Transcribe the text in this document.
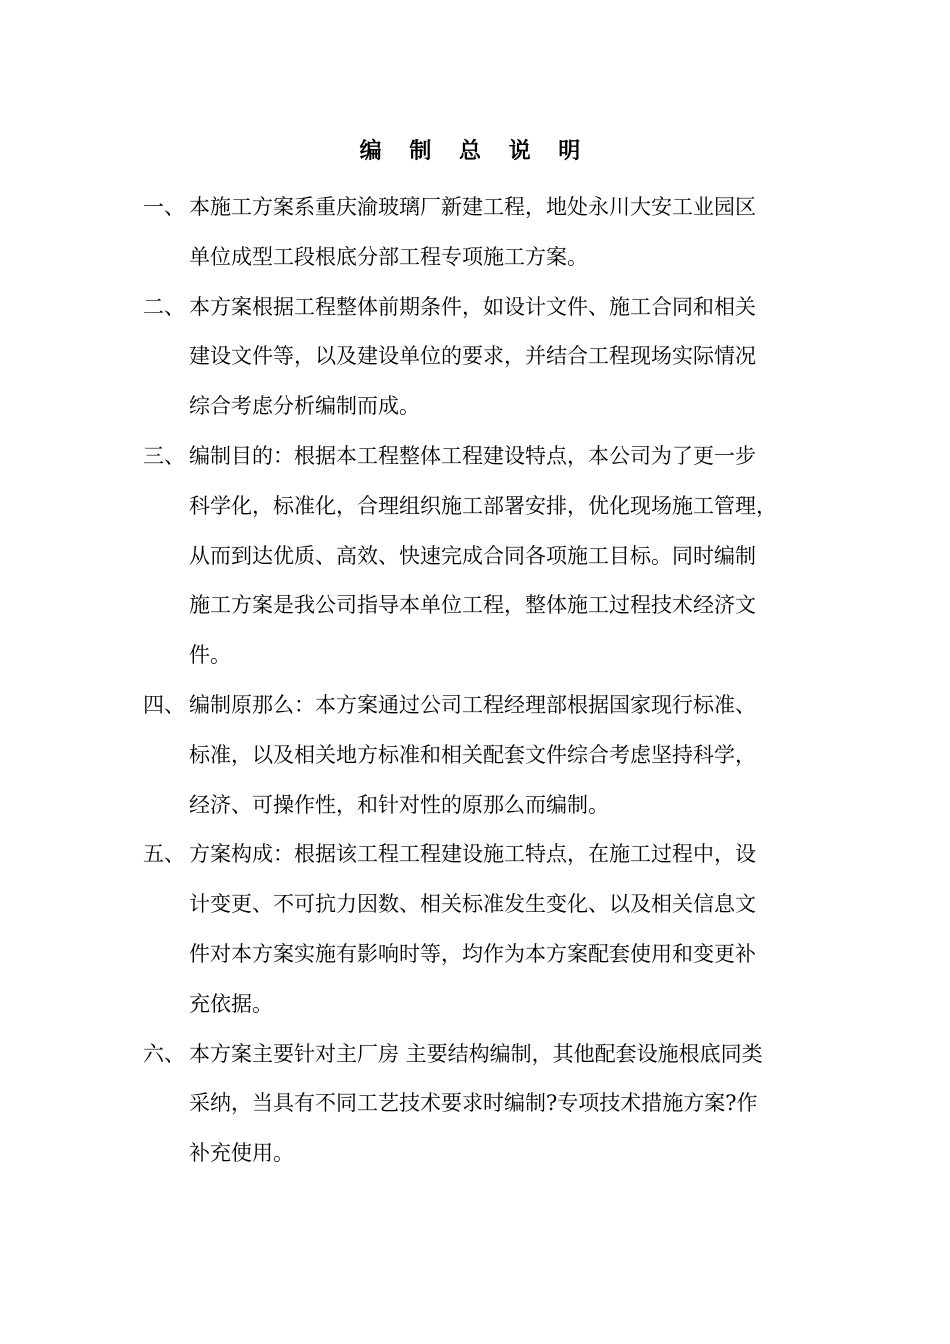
编 制 总 说 明
一、 本施工方案系重庆渝玻璃厂新建工程，地处永川大安工业园区
单位成型工段根底分部工程专项施工方案。
二、 本方案根据工程整体前期条件，如设计文件、施工合同和相关
建设文件等，以及建设单位的要求，并结合工程现场实际情况
综合考虑分析编制而成。
三、 编制目的：根据本工程整体工程建设特点，本公司为了更一步
科学化，标准化，合理组织施工部署安排，优化现场施工管理，
从而到达优质、高效、快速完成合同各项施工目标。同时编制
施工方案是我公司指导本单位工程，整体施工过程技术经济文
件。
四、 编制原那么：本方案通过公司工程经理部根据国家现行标准、
标准，以及相关地方标准和相关配套文件综合考虑坚持科学，
经济、可操作性，和针对性的原那么而编制。
五、 方案构成：根据该工程工程建设施工特点，在施工过程中，设
计变更、不可抗力因数、相关标准发生变化、以及相关信息文
件对本方案实施有影响时等，均作为本方案配套使用和变更补
充依据。
六、 本方案主要针对主厂房 主要结构编制，其他配套设施根底同类
采纳，当具有不同工艺技术要求时编制?专项技术措施方案?作
补充使用。
